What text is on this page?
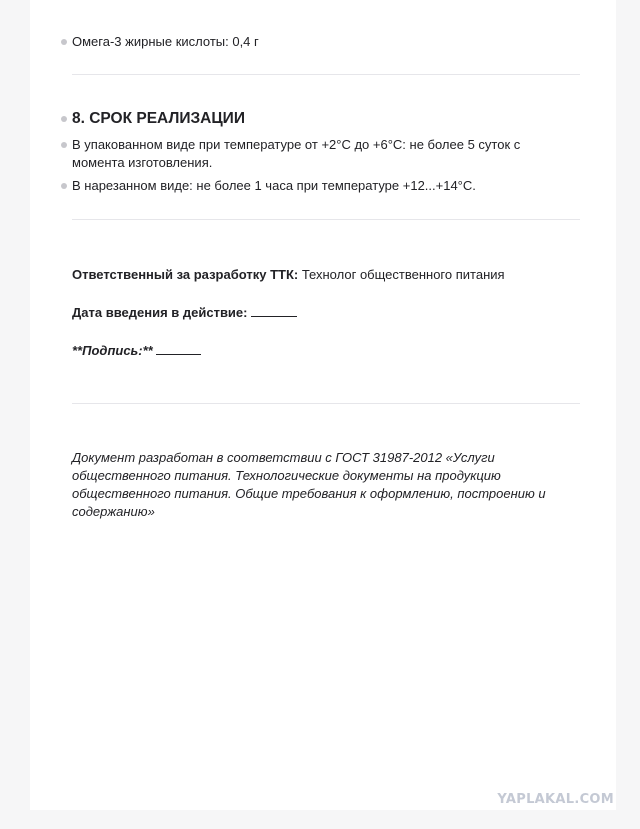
Омега-3 жирные кислоты: 0,4 г
8. СРОК РЕАЛИЗАЦИИ
В упакованном виде при температуре от +2°C до +6°C: не более 5 суток с момента изготовления.
В нарезанном виде: не более 1 часа при температуре +12...+14°C.

Ответственный за разработку ТТК: Технолог общественного питания

Дата введения в действие:

**Подпись:**

Документ разработан в соответствии с ГОСТ 31987-2012 «Услуги общественного питания. Технологические документы на продукцию общественного питания. Общие требования к оформлению, построению и содержанию»

YAPLAKAL.COM
